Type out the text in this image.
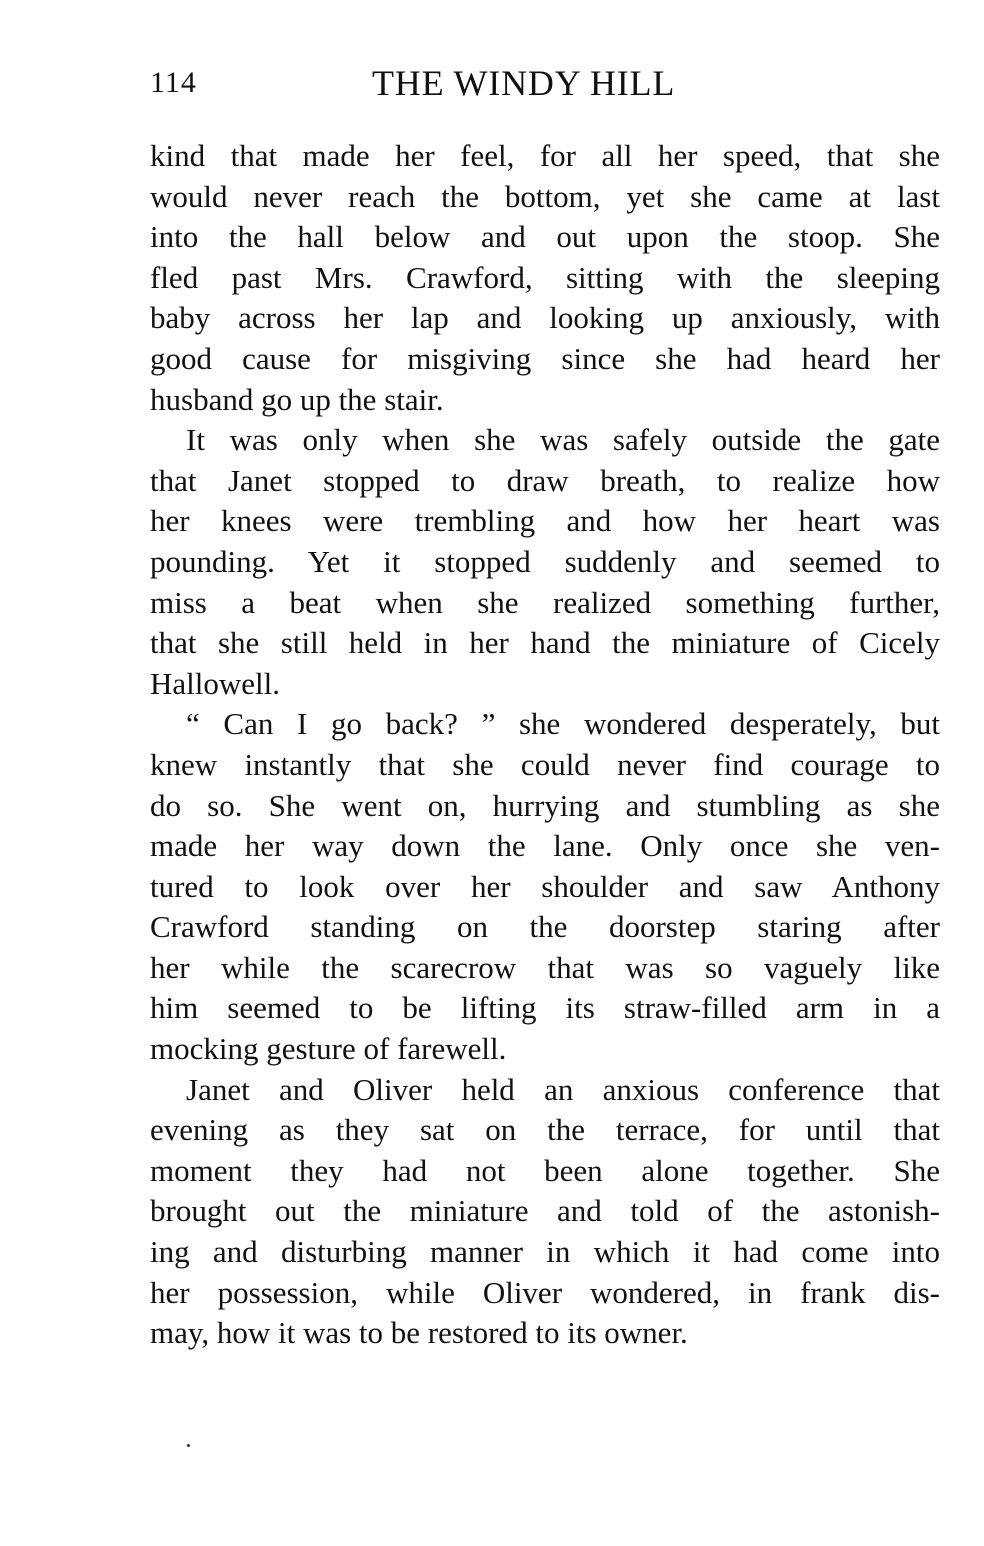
114	THE WINDY HILL
kind that made her feel, for all her speed, that she
would never reach the bottom, yet she came at last
into the hall below and out upon the stoop. She
fled past Mrs. Crawford, sitting with the sleeping
baby across her lap and looking up anxiously, with
good cause for misgiving since she had heard her
husband go up the stair.
It was only when she was safely outside the gate
that Janet stopped to draw breath, to realize how
her knees were trembling and how her heart was
pounding. Yet it stopped suddenly and seemed to
miss a beat when she realized something further,
that she still held in her hand the miniature of Cicely
Hallowell.
“ Can I go back? ” she wondered desperately, but
knew instantly that she could never find courage to
do so. She went on, hurrying and stumbling as she
made her way down the lane. Only once she ven-
tured to look over her shoulder and saw Anthony
Crawford standing on the doorstep staring after
her while the scarecrow that was so vaguely like
him seemed to be lifting its straw-filled arm in a
mocking gesture of farewell.
Janet and Oliver held an anxious conference that
evening as they sat on the terrace, for until that
moment they had not been alone together. She
brought out the miniature and told of the astonish-
ing and disturbing manner in which it had come into
her possession, while Oliver wondered, in frank dis-
may, how it was to be restored to its owner.
